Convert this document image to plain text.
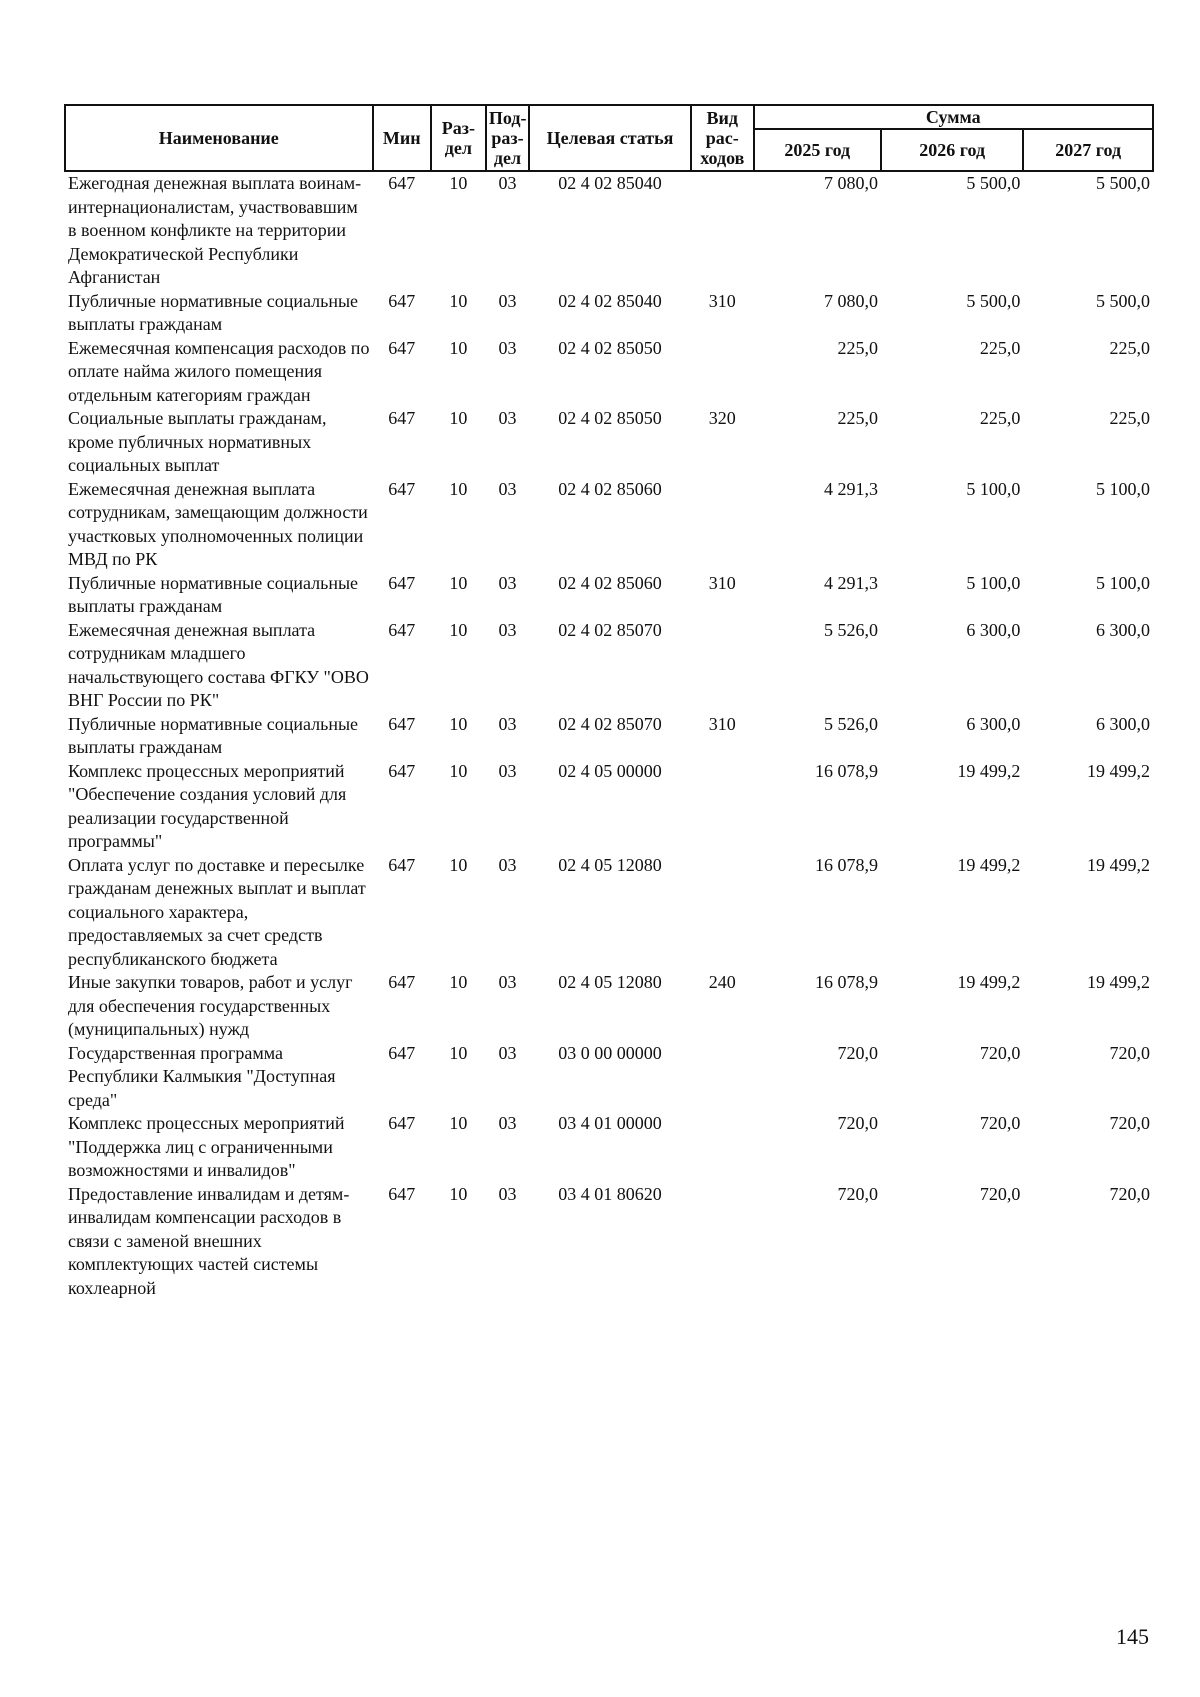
Наименование	Мин	Раз-дел	Под-раз-дел	Целевая статья	Вид рас-ходов	Сумма		
						2025 год	2026 год	2027 год
Ежегодная денежная выплата воинам-интернационалистам, участвовавшим в военном конфликте на территории Демократической Республики Афганистан	647	10	03	02 4 02 85040		7 080,0	5 500,0	5 500,0
Публичные нормативные социальные выплаты гражданам	647	10	03	02 4 02 85040	310	7 080,0	5 500,0	5 500,0
Ежемесячная компенсация расходов по оплате найма жилого помещения отдельным категориям граждан	647	10	03	02 4 02 85050		225,0	225,0	225,0
Социальные выплаты гражданам, кроме публичных нормативных социальных выплат	647	10	03	02 4 02 85050	320	225,0	225,0	225,0
Ежемесячная денежная выплата сотрудникам, замещающим должности участковых уполномоченных полиции МВД по РК	647	10	03	02 4 02 85060		4 291,3	5 100,0	5 100,0
Публичные нормативные социальные выплаты гражданам	647	10	03	02 4 02 85060	310	4 291,3	5 100,0	5 100,0
Ежемесячная денежная выплата сотрудникам младшего начальствующего состава ФГКУ "ОВО ВНГ России по РК"	647	10	03	02 4 02 85070		5 526,0	6 300,0	6 300,0
Публичные нормативные социальные выплаты гражданам	647	10	03	02 4 02 85070	310	5 526,0	6 300,0	6 300,0
Комплекс процессных мероприятий "Обеспечение создания условий для реализации государственной программы"	647	10	03	02 4 05 00000		16 078,9	19 499,2	19 499,2
Оплата услуг по доставке и пересылке гражданам денежных выплат и выплат социального характера, предоставляемых за счет средств республиканского бюджета	647	10	03	02 4 05 12080		16 078,9	19 499,2	19 499,2
Иные закупки товаров, работ и услуг для обеспечения государственных (муниципальных) нужд	647	10	03	02 4 05 12080	240	16 078,9	19 499,2	19 499,2
Государственная программа Республики Калмыкия "Доступная среда"	647	10	03	03 0 00 00000		720,0	720,0	720,0
Комплекс процессных мероприятий "Поддержка лиц с ограниченными возможностями и инвалидов"	647	10	03	03 4 01 00000		720,0	720,0	720,0
Предоставление инвалидам и детям-инвалидам компенсации расходов в связи с заменой внешних комплектующих частей системы кохлеарной	647	10	03	03 4 01 80620		720,0	720,0	720,0
145
